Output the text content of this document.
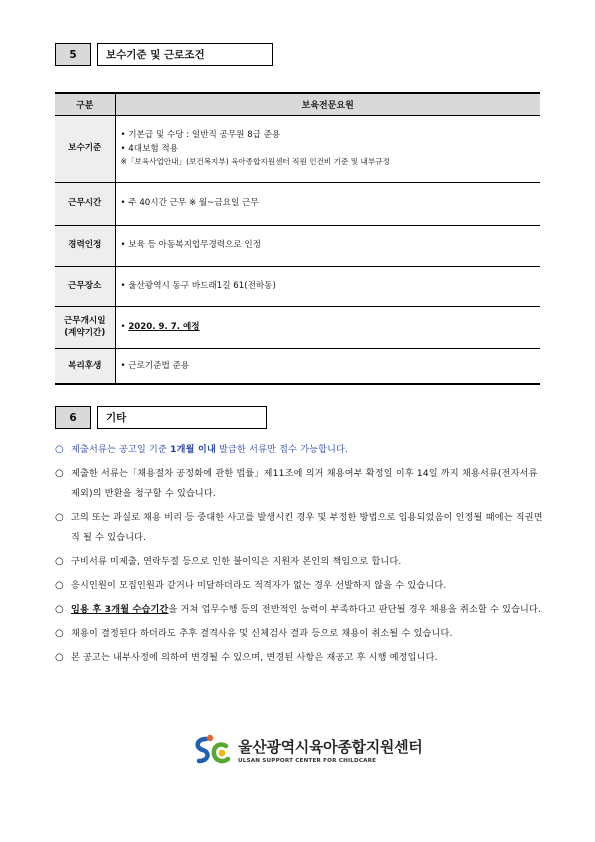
5	보수기준 및 근로조건
구분	보육전문요원
보수기준	• 기본급 및 수당 : 일반직 공무원 8급 준용
• 4대보험 적용
※「보육사업안내」(보건복지부) 육아종합지원센터 직원 인건비 기준 및 내부규정

근무시간	• 주 40시간 근무 ※ 월~금요일 근무
경력인정	• 보육 등 아동복지업무경력으로 인정
근무장소	• 울산광역시 동구 바드래1길 61(전하동)

근무개시일
(계약기간)	• 2020. 9. 7. 예정
복리후생	• 근로기준법 준용
6	기타
○ 제출서류는 공고일 기준 1개월 이내 발급한 서류만 접수 가능합니다.
○ 제출한 서류는「채용절차 공정화에 관한 법률」제11조에 의거 채용여부 확정일 이후 14일 까지 채용서류(전자서류 제외)의 반환을 청구할 수 있습니다.
○ 고의 또는 과실로 채용 비리 등 중대한 사고를 발생시킨 경우 및 부정한 방법으로 임용되었음이 인정될 때에는 직권면직 될 수 있습니다.
○ 구비서류 미제출, 연락두절 등으로 인한 불이익은 지원자 본인의 책임으로 합니다.
○ 응시인원이 모집인원과 같거나 미달하더라도 적격자가 없는 경우 선발하지 않을 수 있습니다.
○ 임용 후 3개월 수습기간을 거쳐 업무수행 등의 전반적인 능력이 부족하다고 판단될 경우 채용을 취소할 수 있습니다.
○ 채용이 결정된다 하더라도 추후 결격사유 및 신체검사 결과 등으로 채용이 취소될 수 있습니다.
○ 본 공고는 내부사정에 의하여 변경될 수 있으며, 변경된 사항은 재공고 후 시행 예정입니다.
울산광역시육아종합지원센터
ULSAN SUPPORT CENTER FOR CHILDCARE
